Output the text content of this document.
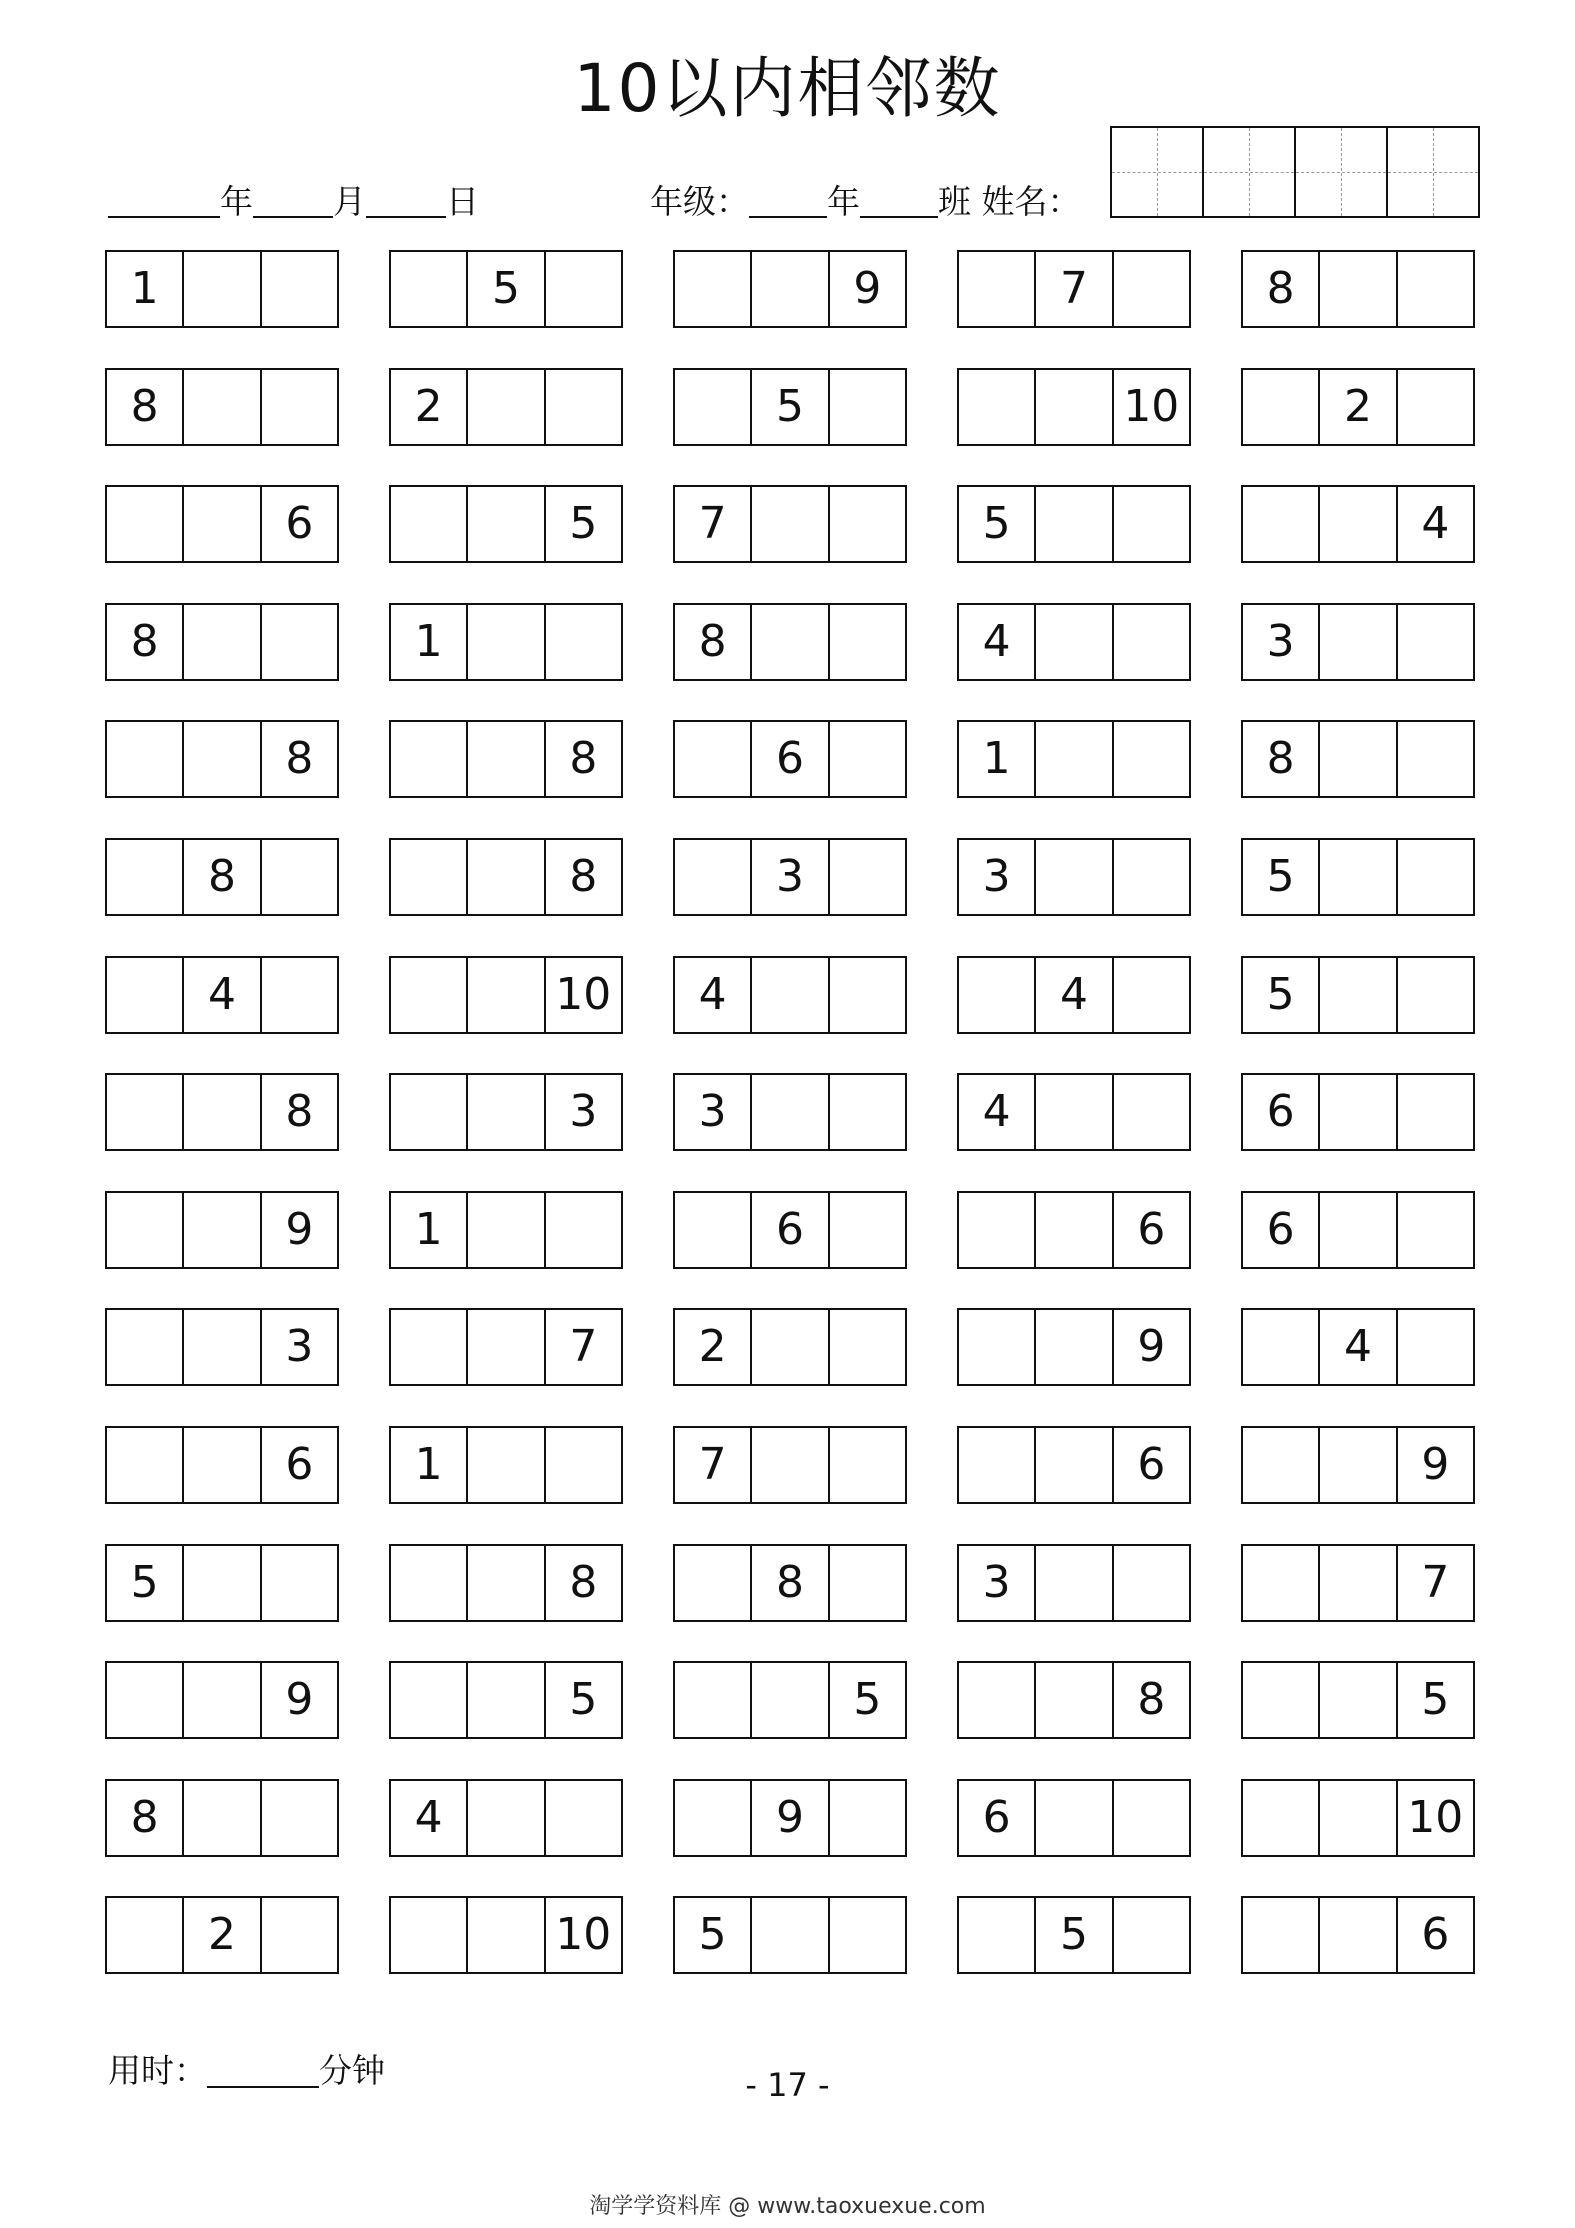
10以内相邻数
年 月 日	年级： 年 班 姓名：
1	5	9	7	8
8	2	5	10	2
6	5	7	5	4
8	1	8	4	3
8	8	6	1	8
8	8	3	3	5
4	10	4	4	5
8	3	3	4	6
9	1	6	6	6
3	7	2	9	4
6	1	7	6	9
5	8	8	3	7
9	5	5	8	5
8	4	9	6	10
2	10	5	5	6
用时：	分钟	- 17 -
淘学学资料库 @ www.taoxuexue.com
